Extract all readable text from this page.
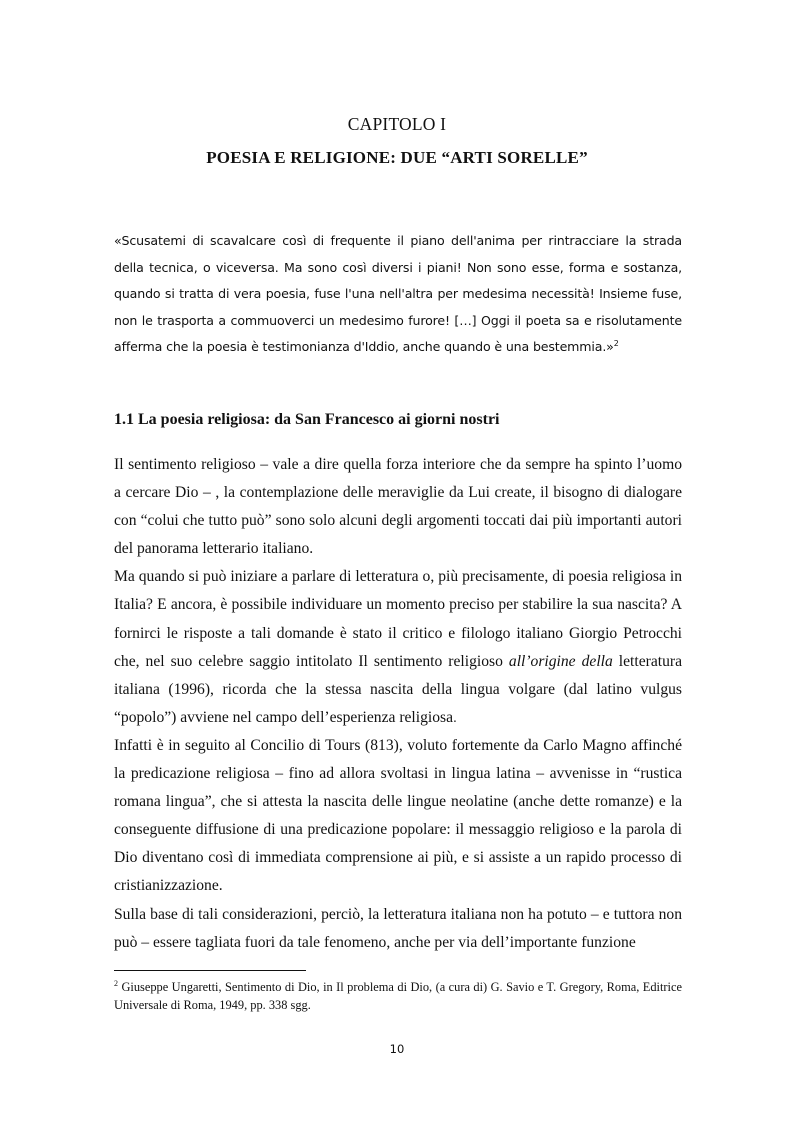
CAPITOLO I
POESIA E RELIGIONE: DUE “ARTI SORELLE”

«Scusatemi di scavalcare così di frequente il piano dell'anima per rintracciare la strada della tecnica, o viceversa. Ma sono così diversi i piani! Non sono esse, forma e sostanza, quando si tratta di vera poesia, fuse l'una nell'altra per medesima necessità! Insieme fuse, non le trasporta a commuoverci un medesimo furore! […] Oggi il poeta sa e risolutamente afferma che la poesia è testimonianza d'Iddio, anche quando è una bestemmia.»$^2$

1.1 La poesia religiosa: da San Francesco ai giorni nostri

Il sentimento religioso – vale a dire quella forza interiore che da sempre ha spinto l’uomo a cercare Dio – , la contemplazione delle meraviglie da Lui create, il bisogno di dialogare con “colui che tutto può” sono solo alcuni degli argomenti toccati dai più importanti autori del panorama letterario italiano.

Ma quando si può iniziare a parlare di letteratura o, più precisamente, di poesia religiosa in Italia? E ancora, è possibile individuare un momento preciso per stabilire la sua nascita? A fornirci le risposte a tali domande è stato il critico e filologo italiano Giorgio Petrocchi che, nel suo celebre saggio intitolato Il sentimento religioso all’origine della letteratura italiana (1996), ricorda che la stessa nascita della lingua volgare (dal latino vulgus “popolo”) avviene nel campo dell’esperienza religiosa.

Infatti è in seguito al Concilio di Tours (813), voluto fortemente da Carlo Magno affinché la predicazione religiosa – fino ad allora svoltasi in lingua latina – avvenisse in “rustica romana lingua”, che si attesta la nascita delle lingue neolatine (anche dette romanze) e la conseguente diffusione di una predicazione popolare: il messaggio religioso e la parola di Dio diventano così di immediata comprensione ai più, e si assiste a un rapido processo di cristianizzazione.

Sulla base di tali considerazioni, perciò, la letteratura italiana non ha potuto – e tuttora non può – essere tagliata fuori da tale fenomeno, anche per via dell’importante funzione

$^2$ Giuseppe Ungaretti, Sentimento di Dio, in Il problema di Dio, (a cura di) G. Savio e T. Gregory, Roma, Editrice Universale di Roma, 1949, pp. 338 sgg.

10
